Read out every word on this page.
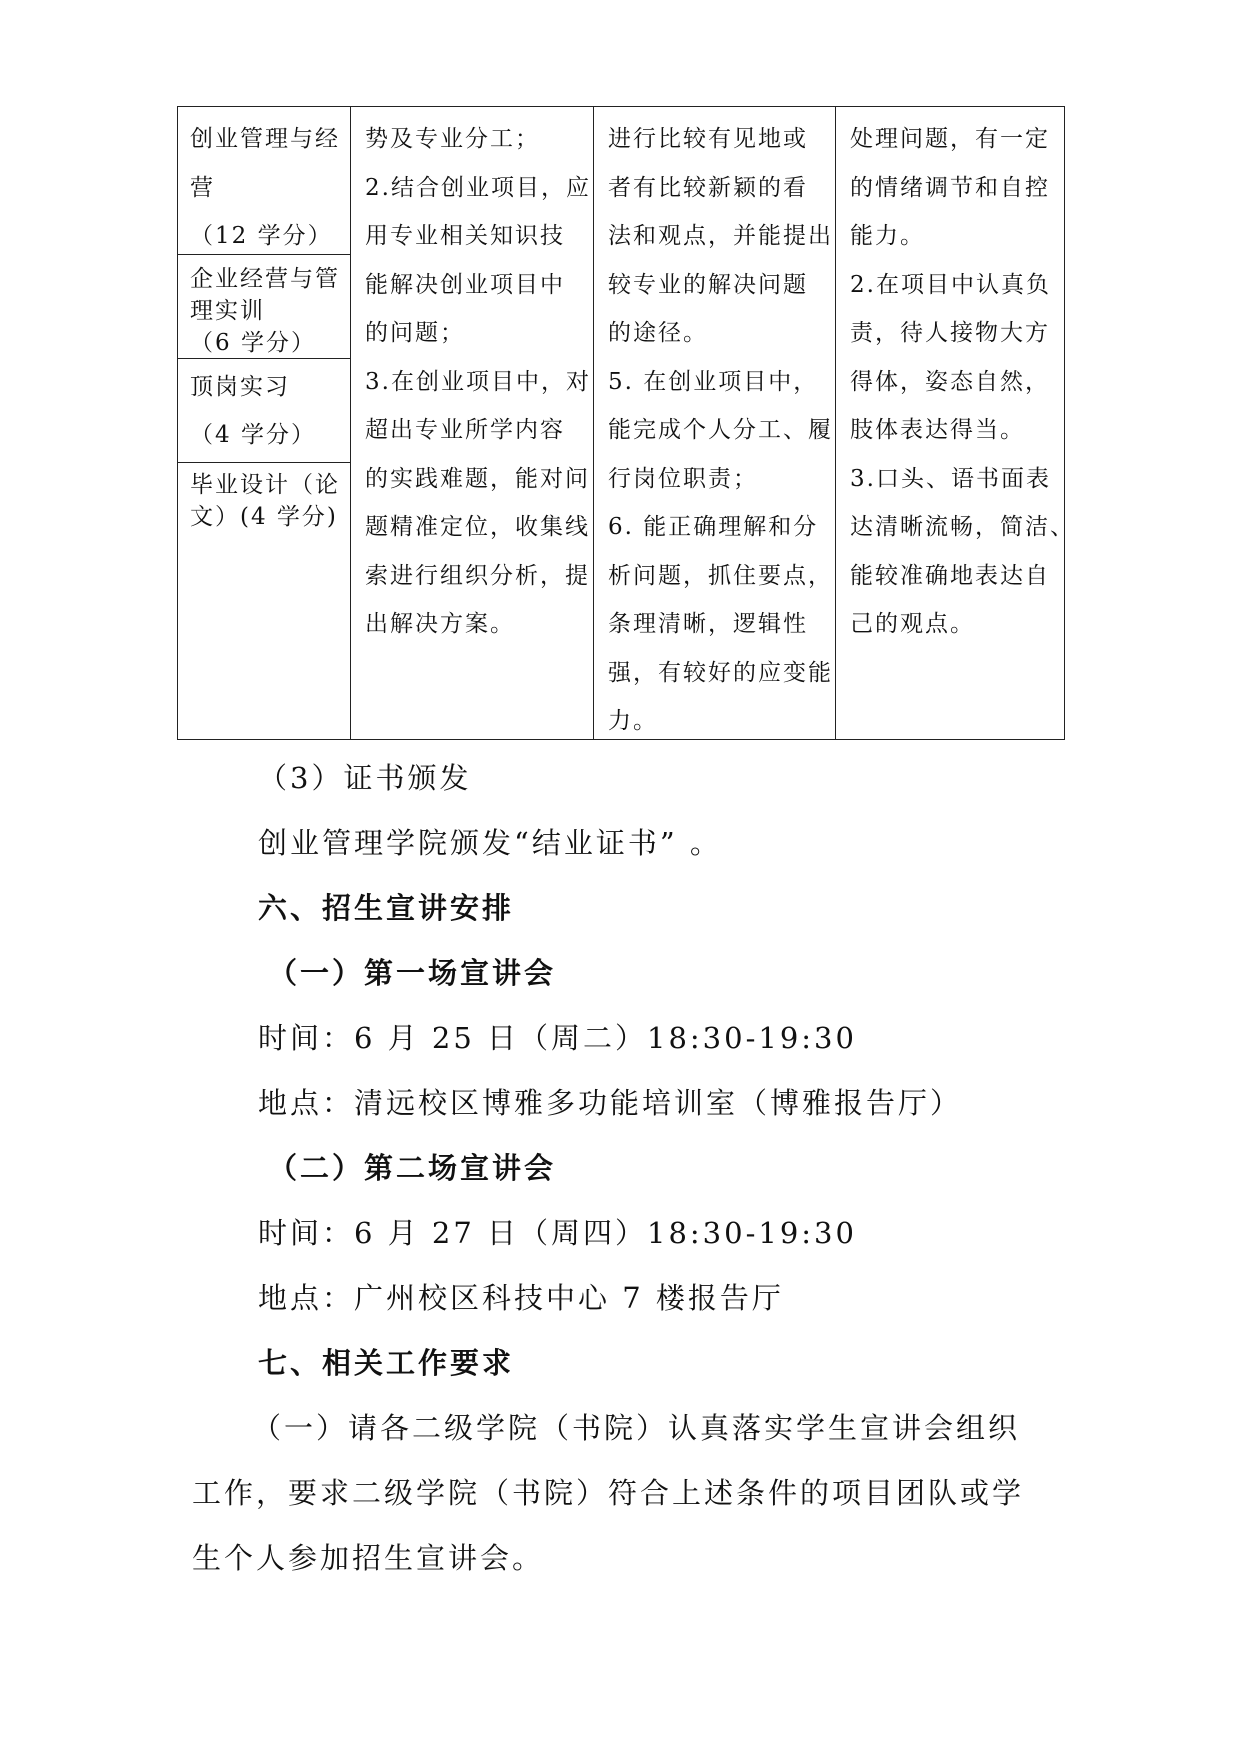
创业管理与经
营
（12 学分）
企业经营与管
理实训
（6 学分）
顶岗实习
（4 学分）
毕业设计（论
文）(4 学分)
势及专业分工；
2.结合创业项目，应
用专业相关知识技
能解决创业项目中
的问题；
3.在创业项目中，对
超出专业所学内容
的实践难题，能对问
题精准定位，收集线
索进行组织分析，提
出解决方案。
进行比较有见地或
者有比较新颖的看
法和观点，并能提出
较专业的解决问题
的途径。
5. 在创业项目中，
能完成个人分工、履
行岗位职责；
6. 能正确理解和分
析问题，抓住要点，
条理清晰，逻辑性
强，有较好的应变能
力。
处理问题，有一定
的情绪调节和自控
能力。
2.在项目中认真负
责，待人接物大方
得体，姿态自然，
肢体表达得当。
3.口头、语书面表
达清晰流畅，简洁、
能较准确地表达自
己的观点。
（3）证书颁发
创业管理学院颁发“结业证书” 。
六、招生宣讲安排
（一）第一场宣讲会
时间：6 月 25 日（周二）18:30-19:30
地点：清远校区博雅多功能培训室（博雅报告厅）
（二）第二场宣讲会
时间：6 月 27 日（周四）18:30-19:30
地点：广州校区科技中心 7 楼报告厅
七、相关工作要求
（一）请各二级学院（书院）认真落实学生宣讲会组织
工作，要求二级学院（书院）符合上述条件的项目团队或学
生个人参加招生宣讲会。
